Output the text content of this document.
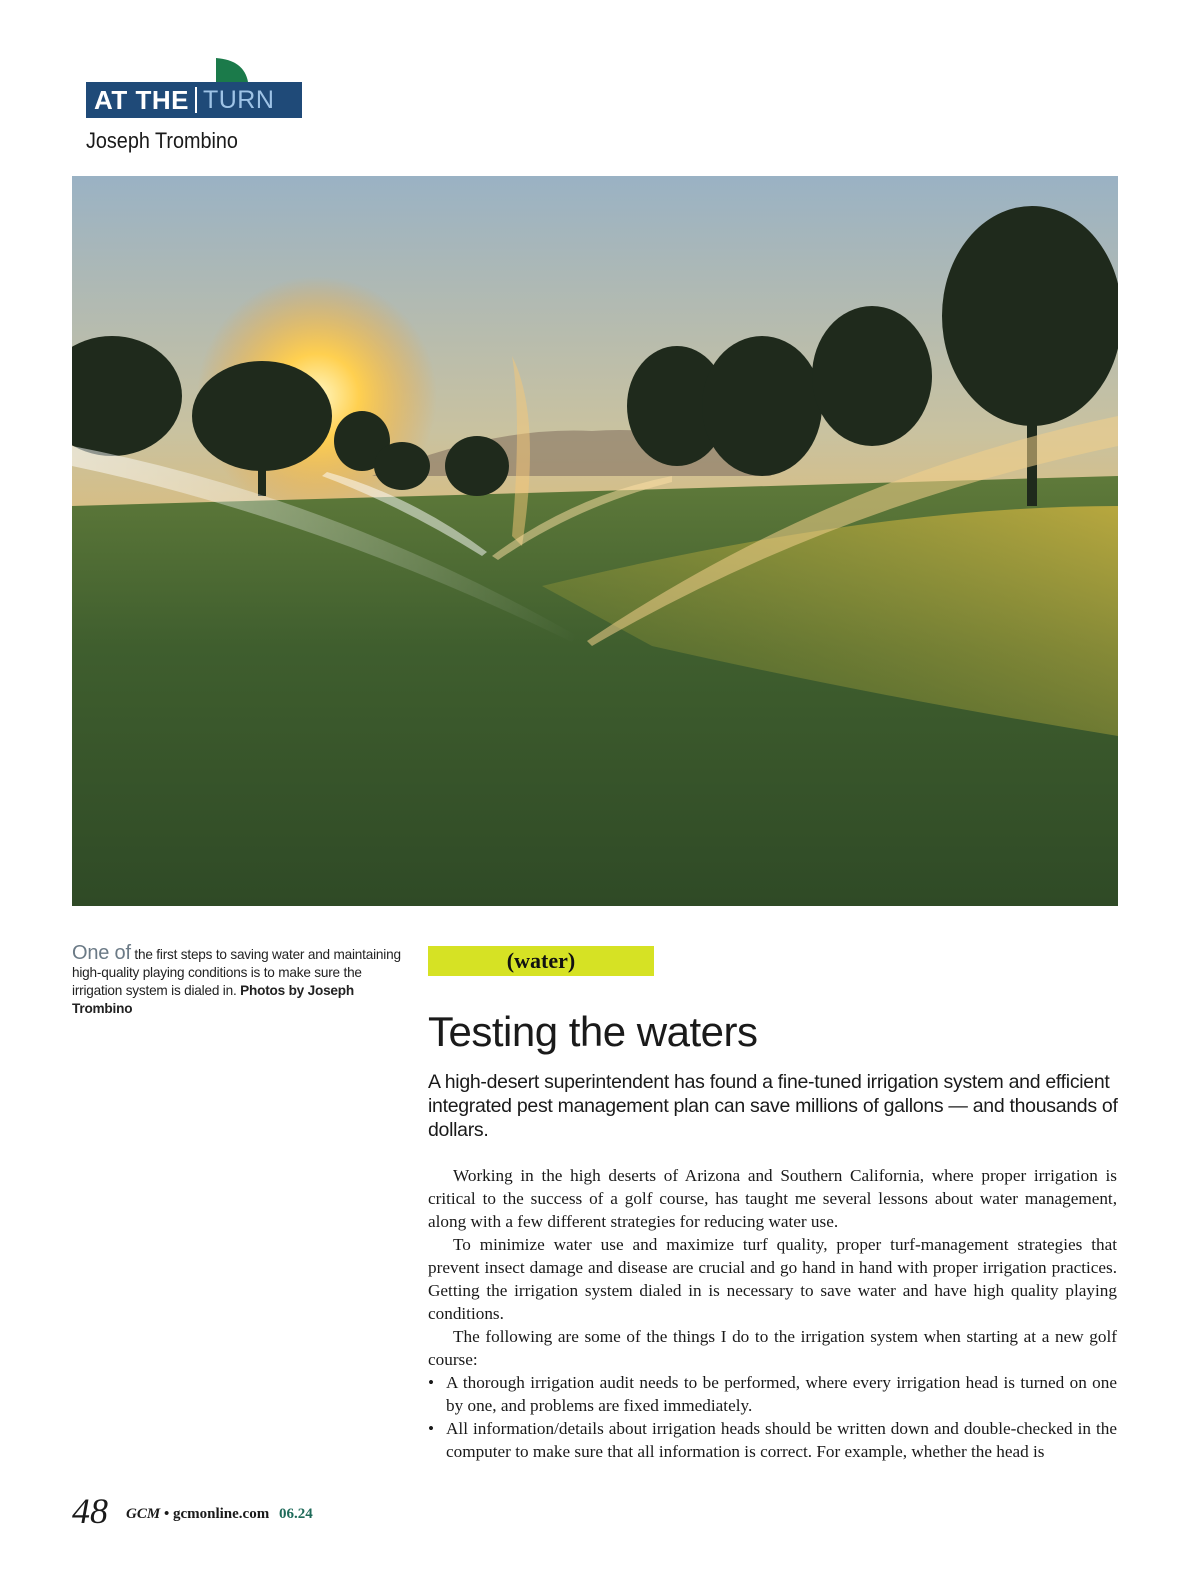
AT THE TURN
Joseph Trombino
One of the first steps to saving water and maintaining high-quality playing conditions is to make sure the irrigation system is dialed in. Photos by Joseph Trombino
(water)
Testing the waters
A high-desert superintendent has found a fine-tuned irrigation system and efficient integrated pest management plan can save millions of gallons — and thousands of dollars.

Working in the high deserts of Arizona and Southern California, where proper irrigation is critical to the success of a golf course, has taught me several lessons about water management, along with a few different strategies for reducing water use.

To minimize water use and maximize turf quality, proper turf-management strategies that prevent insect damage and disease are crucial and go hand in hand with proper irrigation practices. Getting the irrigation system dialed in is necessary to save water and have high quality playing conditions.

The following are some of the things I do to the irrigation system when starting at a new golf course:

• A thorough irrigation audit needs to be performed, where every irrigation head is turned on one by one, and problems are fixed immediately.
• All information/details about irrigation heads should be written down and double-checked in the computer to make sure that all information is correct. For example, whether the head is
48 GCM • gcmonline.com 06.24
